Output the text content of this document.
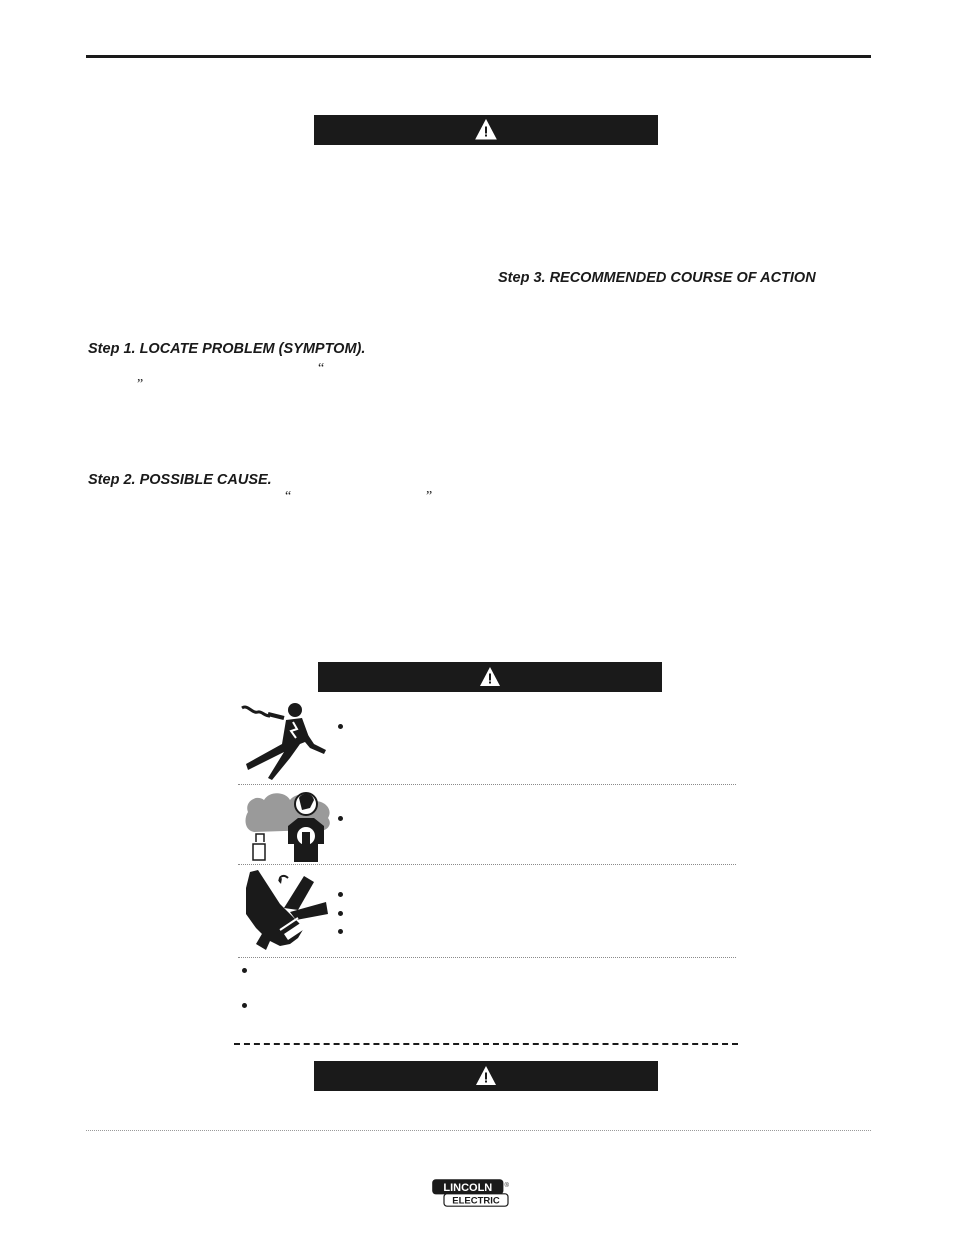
Step 3. RECOMMENDED COURSE OF ACTION
Step 1. LOCATE PROBLEM (SYMPTOM).
“
”
Step 2. POSSIBLE CAUSE.
“	”
LINCOLN
ELECTRIC
®
